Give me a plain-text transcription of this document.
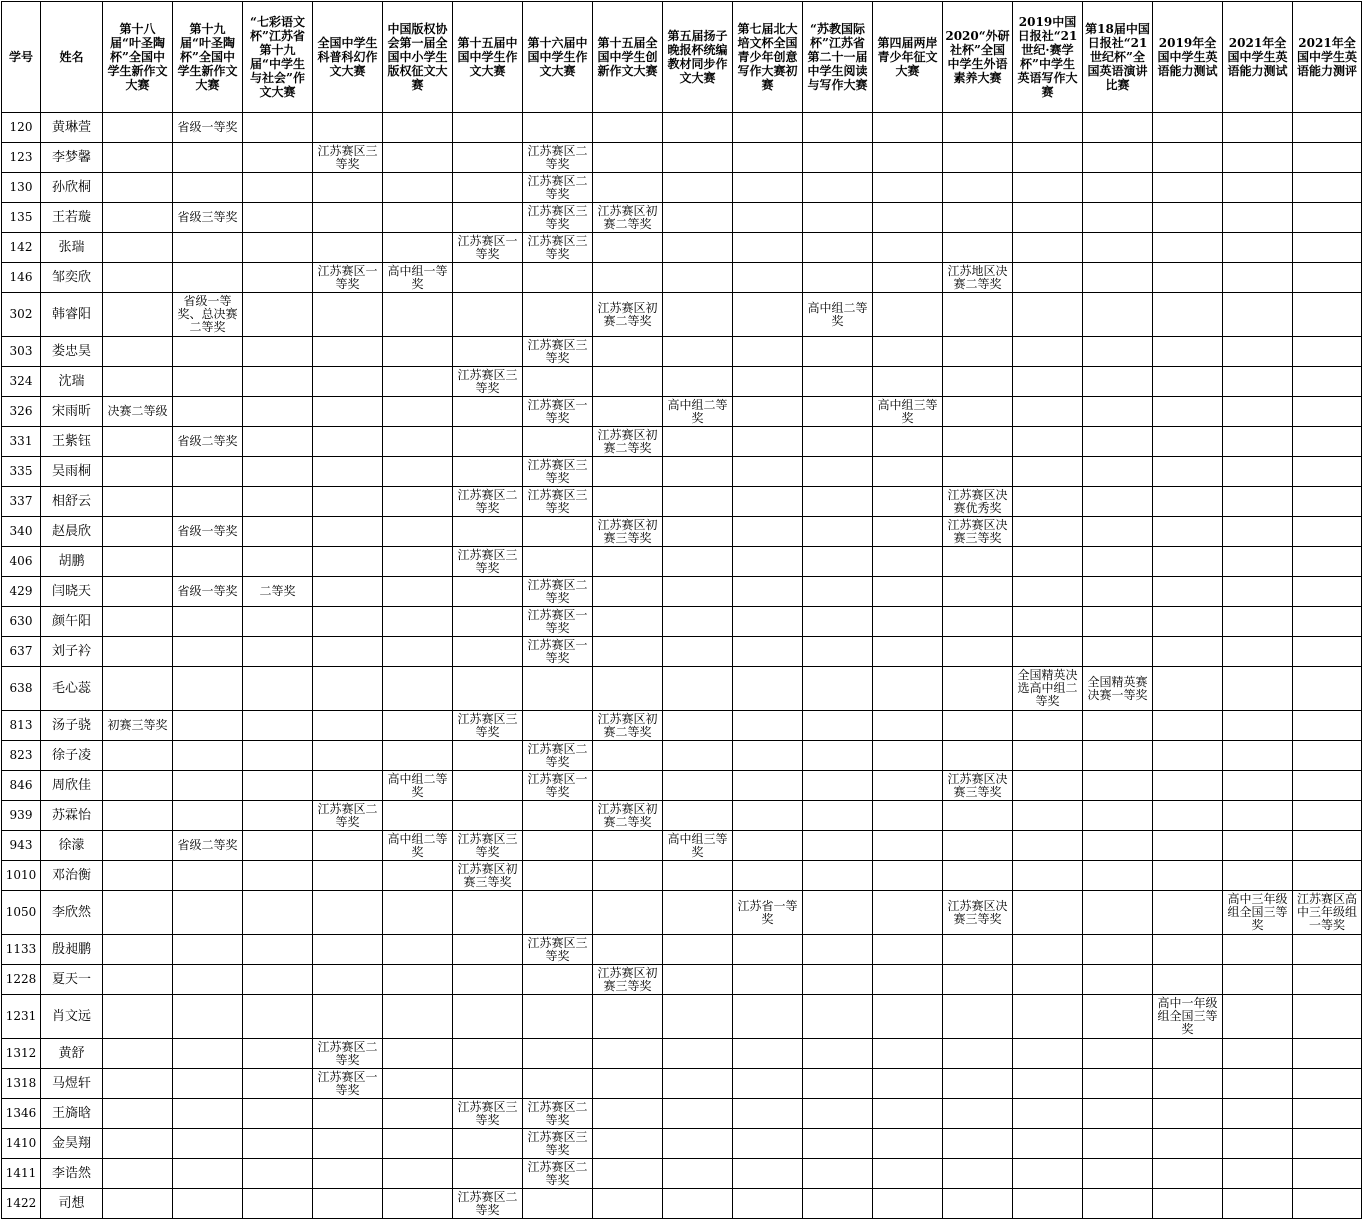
学号	姓名	第十八届“叶圣陶杯”全国中学生新作文大赛	第十九届“叶圣陶杯”全国中学生新作文大赛	“七彩语文杯”江苏省第十九届“中学生与社会”作文大赛	全国中学生科普科幻作文大赛	中国版权协会第一届全国中小学生版权征文大赛	第十五届中国中学生作文大赛	第十六届中国中学生作文大赛	第十五届全国中学生创新作文大赛	第五届扬子晚报杯统编教材同步作文大赛	第七届北大培文杯全国青少年创意写作大赛初赛	“苏教国际杯”江苏省第二十一届中学生阅读与写作大赛	第四届两岸青少年征文大赛	2020“外研社杯”全国中学生外语素养大赛	2019中国日报社“21世纪·赛学杯”中学生英语写作大赛	第18届中国日报社“21世纪杯”全国英语演讲比赛	2019年全国中学生英语能力测试	2021年全国中学生英语能力测试	2021年全国中学生英语能力测评
120	黄琳萱		省级一等奖																
123	李梦馨				江苏赛区三等奖			江苏赛区二等奖											
130	孙欣桐							江苏赛区二等奖											
135	王若璇		省级三等奖					江苏赛区三等奖	江苏赛区初赛二等奖										
142	张瑞						江苏赛区一等奖	江苏赛区三等奖											
146	邹奕欣				江苏赛区一等奖	高中组一等奖								江苏地区决赛二等奖					
302	韩睿阳		省级一等奖、总决赛二等奖						江苏赛区初赛二等奖			高中组二等奖							
303	娄忠昊							江苏赛区三等奖											
324	沈瑞						江苏赛区三等奖												
326	宋雨昕	决赛二等级						江苏赛区一等奖		高中组二等奖			高中组三等奖						
331	王紫钰		省级二等奖						江苏赛区初赛二等奖										
335	吴雨桐							江苏赛区三等奖											
337	相舒云						江苏赛区二等奖	江苏赛区三等奖						江苏赛区决赛优秀奖					
340	赵晨欣		省级一等奖						江苏赛区初赛三等奖					江苏赛区决赛三等奖					
406	胡鹏						江苏赛区三等奖												
429	闫晓天		省级一等奖	二等奖				江苏赛区二等奖											
630	颜午阳							江苏赛区一等奖											
637	刘子衿							江苏赛区一等奖											
638	毛心蕊														全国精英决选高中组二等奖	全国精英赛决赛一等奖			
813	汤子骁	初赛三等奖					江苏赛区三等奖		江苏赛区初赛二等奖										
823	徐子凌							江苏赛区二等奖											
846	周欣佳					高中组二等奖		江苏赛区一等奖						江苏赛区决赛三等奖					
939	苏霖怡				江苏赛区二等奖				江苏赛区初赛二等奖										
943	徐濛		省级二等奖			高中组二等奖	江苏赛区三等奖			高中组三等奖									
1010	邓治衡						江苏赛区初赛三等奖												
1050	李欣然										江苏省一等奖			江苏赛区决赛三等奖				高中三年级组全国三等奖	江苏赛区高中三年级组一等奖
1133	殷昶鹏							江苏赛区三等奖											
1228	夏天一								江苏赛区初赛三等奖										
1231	肖文远																高中一年级组全国三等奖		
1312	黄舒				江苏赛区二等奖														
1318	马煜轩				江苏赛区一等奖														
1346	王旖晗						江苏赛区三等奖	江苏赛区二等奖											
1410	金昊翔							江苏赛区三等奖											
1411	李诰然							江苏赛区二等奖											
1422	司想						江苏赛区二等奖												
